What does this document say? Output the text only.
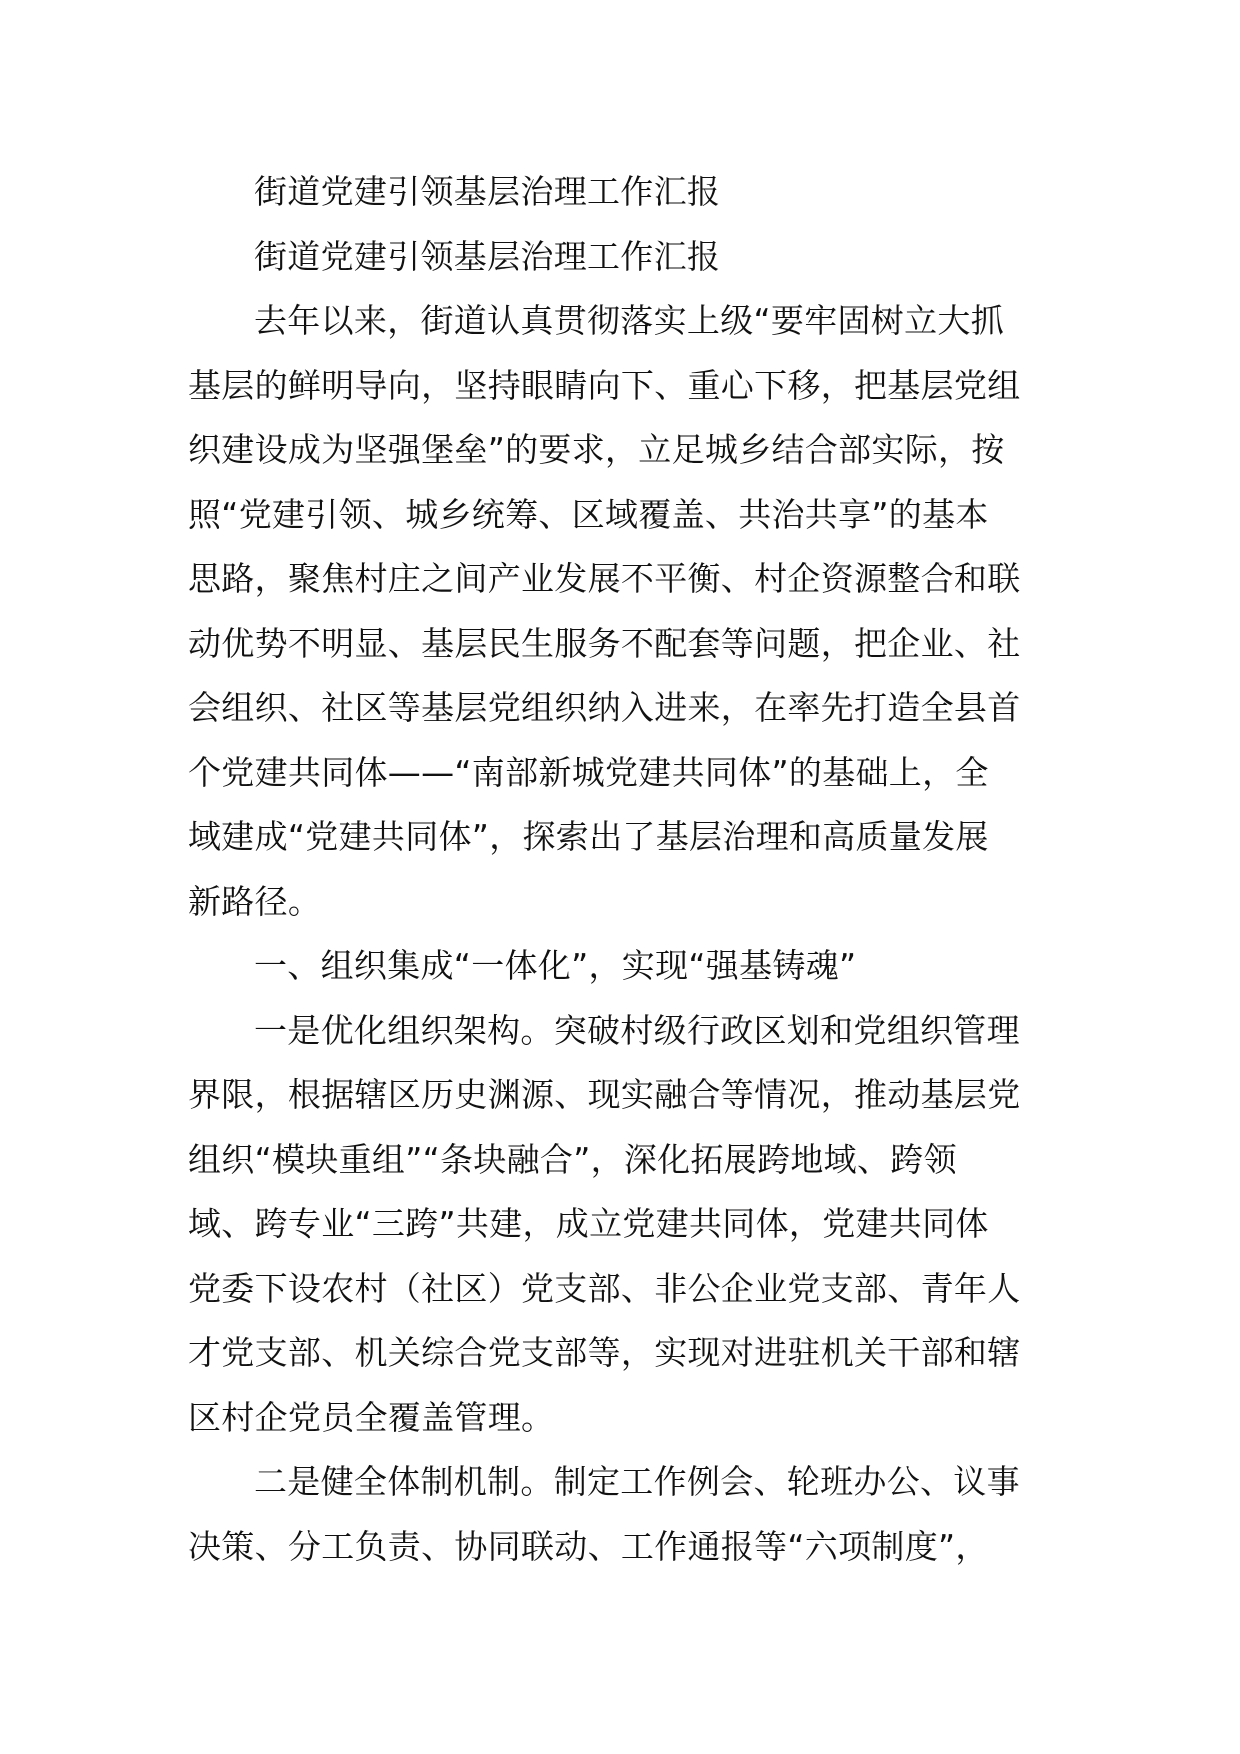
街道党建引领基层治理工作汇报
街道党建引领基层治理工作汇报
去年以来，街道认真贯彻落实上级“要牢固树立大抓
基层的鲜明导向，坚持眼睛向下、重心下移，把基层党组
织建设成为坚强堡垒”的要求，立足城乡结合部实际，按
照“党建引领、城乡统筹、区域覆盖、共治共享”的基本
思路，聚焦村庄之间产业发展不平衡、村企资源整合和联
动优势不明显、基层民生服务不配套等问题，把企业、社
会组织、社区等基层党组织纳入进来，在率先打造全县首
个党建共同体——“南部新城党建共同体”的基础上，全
域建成“党建共同体”，探索出了基层治理和高质量发展
新路径。
一、组织集成“一体化”，实现“强基铸魂”
一是优化组织架构。突破村级行政区划和党组织管理
界限，根据辖区历史渊源、现实融合等情况，推动基层党
组织“模块重组”“条块融合”，深化拓展跨地域、跨领
域、跨专业“三跨”共建，成立党建共同体，党建共同体
党委下设农村（社区）党支部、非公企业党支部、青年人
才党支部、机关综合党支部等，实现对进驻机关干部和辖
区村企党员全覆盖管理。
二是健全体制机制。制定工作例会、轮班办公、议事
决策、分工负责、协同联动、工作通报等“六项制度”，
